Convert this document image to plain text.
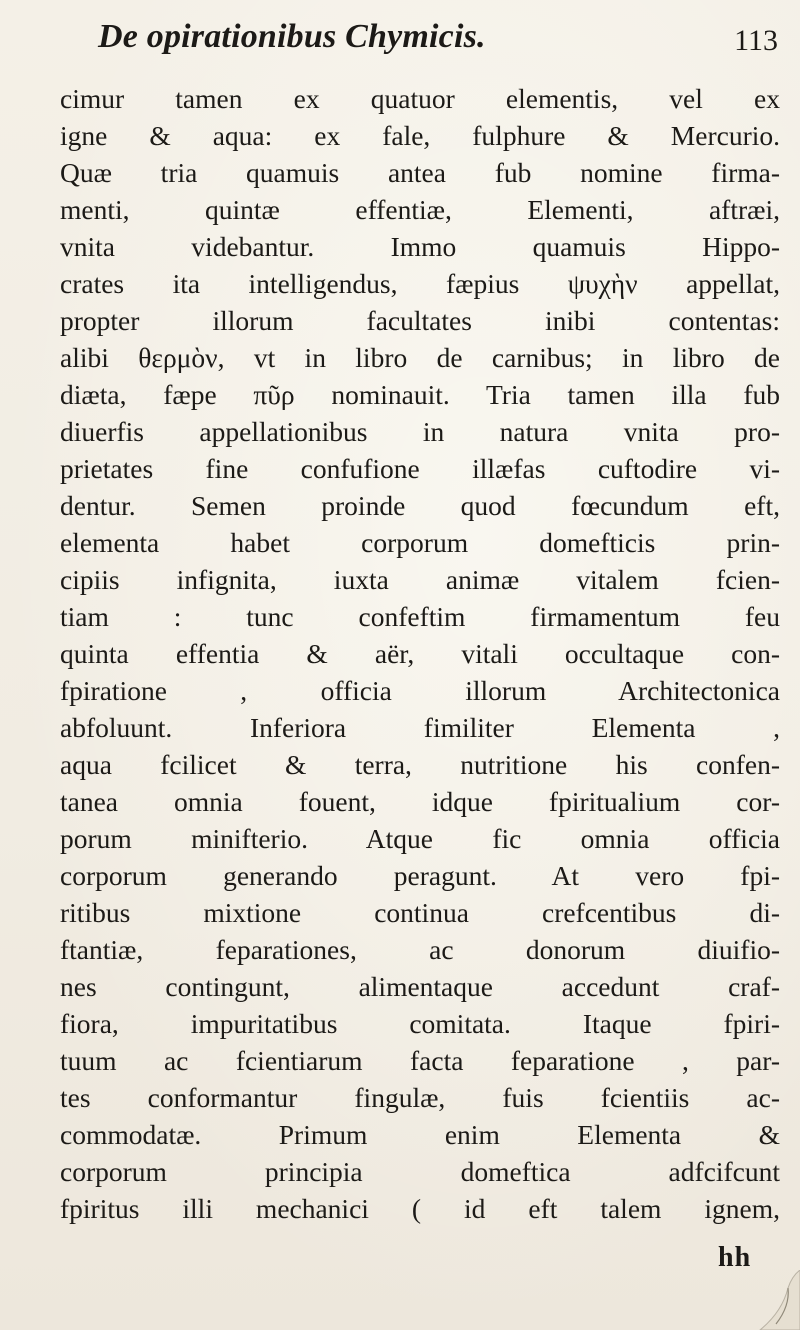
De opirationibus Chymicis.	113
cimur tamen ex quatuor elementis, vel ex
igne & aqua: ex fale, fulphure & Mercurio.
Quæ tria quamuis antea fub nomine firma-
menti, quintæ effentiæ, Elementi, aftræi,
vnita videbantur. Immo quamuis Hippo-
crates ita intelligendus, fæpius ψυχὴν appellat,
propter illorum facultates inibi contentas:
alibi θερμὸν, vt in libro de carnibus; in libro de
diæta, fæpe πῦρ nominauit. Tria tamen illa fub
diuerfis appellationibus in natura vnita pro-
prietates fine confufione illæfas cuftodire vi-
dentur. Semen proinde quod fœcundum eft,
elementa habet corporum domefticis prin-
cipiis infignita, iuxta animæ vitalem fcien-
tiam : tunc confeftim firmamentum feu
quinta effentia & aër, vitali occultaque con-
fpiratione , officia illorum Architectonica
abfoluunt. Inferiora fimiliter Elementa ,
aqua fcilicet & terra, nutritione his confen-
tanea omnia fouent, idque fpiritualium cor-
porum minifterio. Atque fic omnia officia
corporum generando peragunt. At vero fpi-
ritibus mixtione continua crefcentibus di-
ftantiæ, feparationes, ac donorum diuifio-
nes contingunt, alimentaque accedunt craf-
fiora, impuritatibus comitata. Itaque fpiri-
tuum ac fcientiarum facta feparatione , par-
tes conformantur fingulæ, fuis fcientiis ac-
commodatæ. Primum enim Elementa &
corporum principia domeftica adfcifcunt
fpiritus illi mechanici ( id eft talem ignem,
hh
